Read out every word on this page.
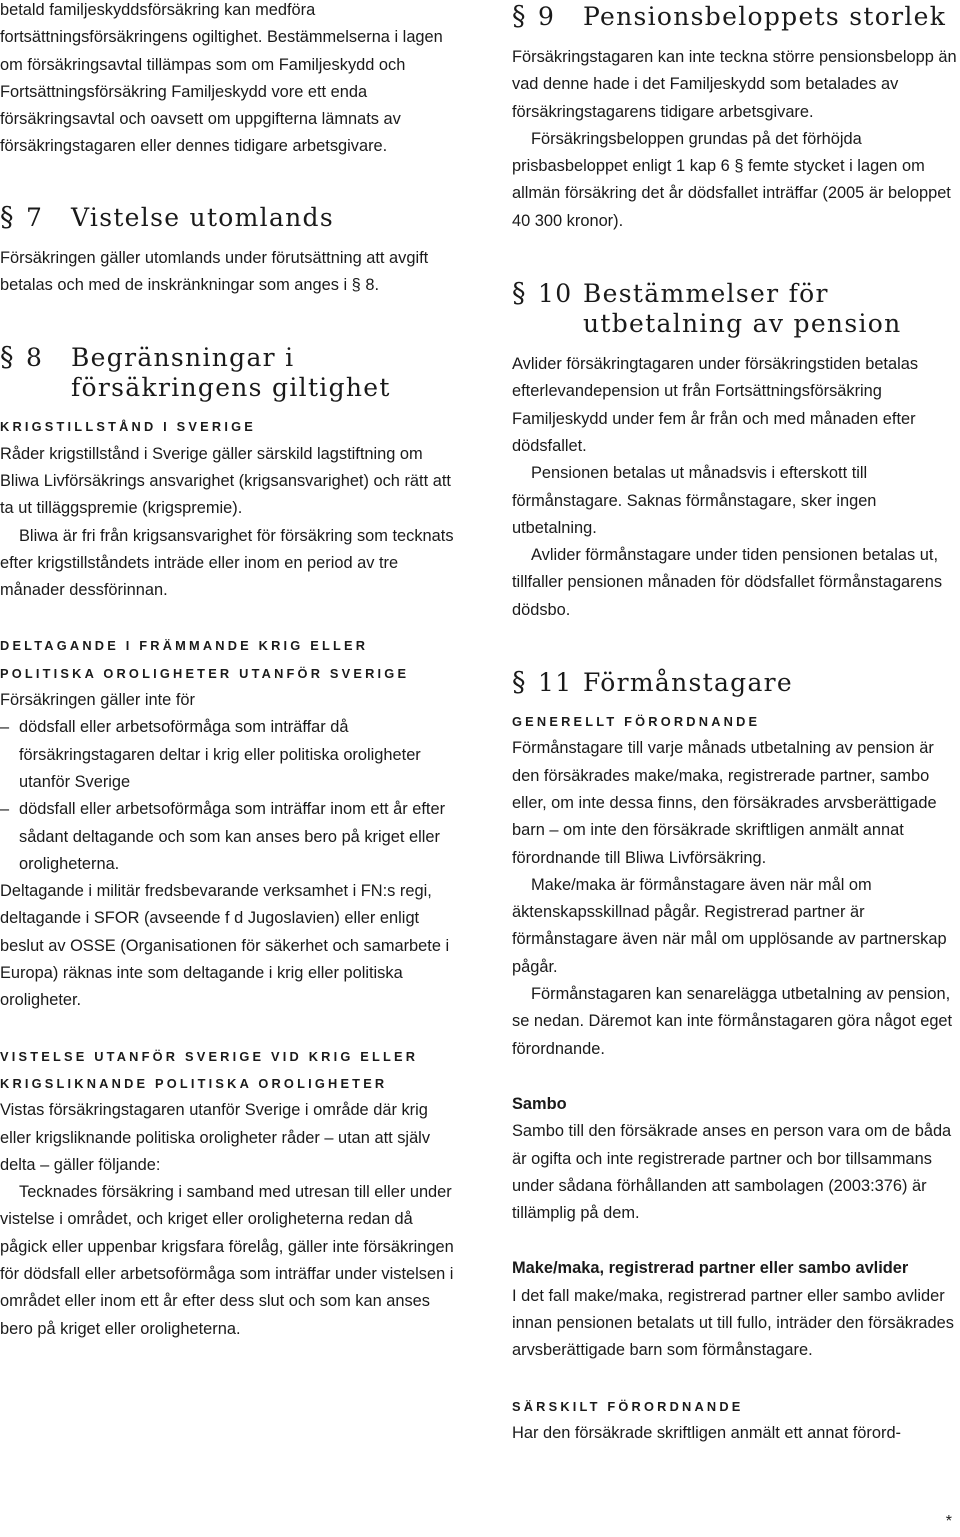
betald familjeskyddsförsäkring kan medföra fortsättningsförsäkringens ogiltighet. Bestämmelserna i lagen om försäkringsavtal tillämpas som om Familjeskydd och Fortsättningsförsäkring Familjeskydd vore ett enda försäkringsavtal och oavsett om uppgifterna lämnats av försäkringstagaren eller dennes tidigare arbetsgivare.

§ 7	Vistelse utomlands

Försäkringen gäller utomlands under förutsättning att avgift betalas och med de inskränkningar som anges i § 8.

§ 8	Begränsningar i försäkringens giltighet

KRIGSTILLSTÅND I SVERIGE

Råder krigstillstånd i Sverige gäller särskild lagstiftning om Bliwa Livförsäkrings ansvarighet (krigsansvarighet) och rätt att ta ut tilläggspremie (krigspremie).

Bliwa är fri från krigsansvarighet för försäkring som tecknats efter krigstillståndets inträde eller inom en period av tre månader dessförinnan.

DELTAGANDE I FRÄMMANDE KRIG ELLER POLITISKA OROLIGHETER UTANFÖR SVERIGE

Försäkringen gäller inte för

– dödsfall eller arbetsoförmåga som inträffar då försäkringstagaren deltar i krig eller politiska oroligheter utanför Sverige
– dödsfall eller arbetsoförmåga som inträffar inom ett år efter sådant deltagande och som kan anses bero på kriget eller oroligheterna.

Deltagande i militär fredsbevarande verksamhet i FN:s regi, deltagande i SFOR (avseende f d Jugoslavien) eller enligt beslut av OSSE (Organisationen för säkerhet och samarbete i Europa) räknas inte som deltagande i krig eller politiska oroligheter.

VISTELSE UTANFÖR SVERIGE VID KRIG ELLER KRIGSLIKNANDE POLITISKA OROLIGHETER

Vistas försäkringstagaren utanför Sverige i område där krig eller krigsliknande politiska oroligheter råder – utan att själv delta – gäller följande:

Tecknades försäkring i samband med utresan till eller under vistelse i området, och kriget eller oroligheterna redan då pågick eller uppenbar krigsfara förelåg, gäller inte försäkringen för dödsfall eller arbetsoförmåga som inträffar under vistelsen i området eller inom ett år efter dess slut och som kan anses bero på kriget eller oroligheterna.

§ 9	Pensionsbeloppets storlek

Försäkringstagaren kan inte teckna större pensionsbelopp än vad denne hade i det Familjeskydd som betalades av försäkringstagarens tidigare arbetsgivare.

Försäkringsbeloppen grundas på det förhöjda prisbasbeloppet enligt 1 kap 6 § femte stycket i lagen om allmän försäkring det år dödsfallet inträffar (2005 är beloppet 40 300 kronor).

§ 10 Bestämmelser för utbetalning av pension

Avlider försäkringtagaren under försäkringstiden betalas efterlevandepension ut från Fortsättningsförsäkring Familjeskydd under fem år från och med månaden efter dödsfallet.

Pensionen betalas ut månadsvis i efterskott till förmånstagare. Saknas förmånstagare, sker ingen utbetalning.

Avlider förmånstagare under tiden pensionen betalas ut, tillfaller pensionen månaden för dödsfallet förmånstagarens dödsbo.

§ 11 Förmånstagare

GENERELLT FÖRORDNANDE

Förmånstagare till varje månads utbetalning av pension är den försäkrades make/maka, registrerade partner, sambo eller, om inte dessa finns, den försäkrades arvsberättigade barn – om inte den försäkrade skriftligen anmält annat förordnande till Bliwa Livförsäkring.

Make/maka är förmånstagare även när mål om äktenskapsskillnad pågår. Registrerad partner är förmånstagare även när mål om upplösande av partnerskap pågår.

Förmånstagaren kan senarelägga utbetalning av pension, se nedan. Däremot kan inte förmånstagaren göra något eget förordnande.

Sambo

Sambo till den försäkrade anses en person vara om de båda är ogifta och inte registrerade partner och bor tillsammans under sådana förhållanden att sambolagen (2003:376) är tillämplig på dem.

Make/maka, registrerad partner eller sambo avlider

I det fall make/maka, registrerad partner eller sambo avlider innan pensionen betalats ut till fullo, inträder den försäkrades arvsberättigade barn som förmånstagare.

SÄRSKILT FÖRORDNANDE

Har den försäkrade skriftligen anmält ett annat förord-

*
